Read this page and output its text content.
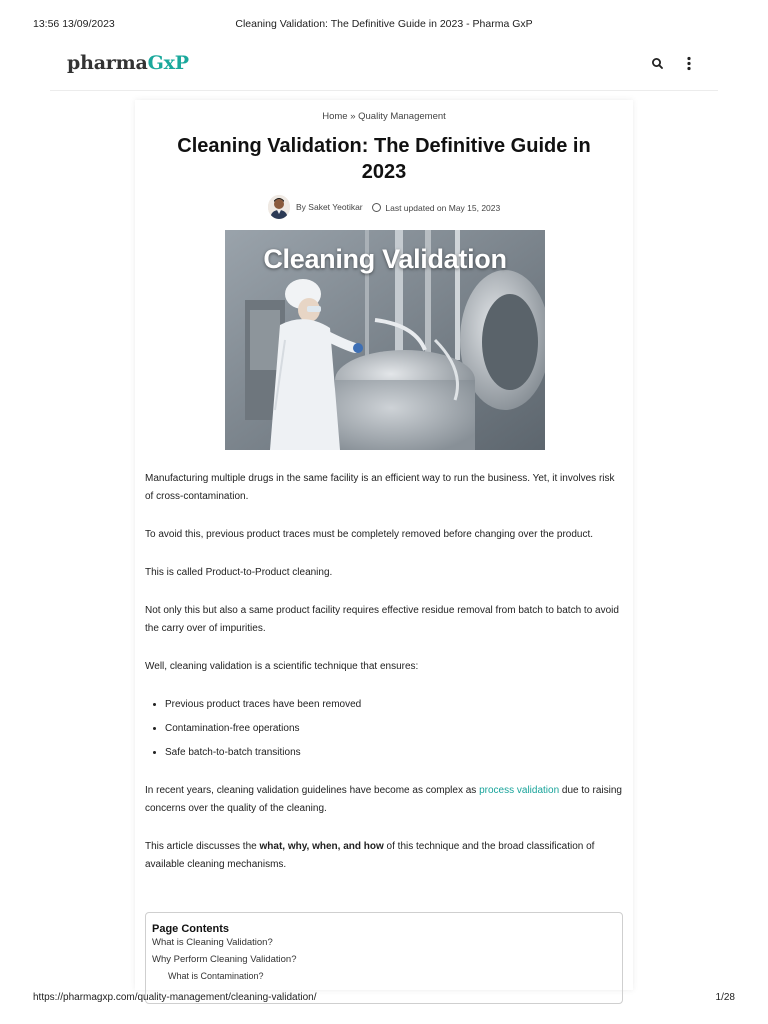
13:56 13/09/2023	Cleaning Validation: The Definitive Guide in 2023 - Pharma GxP
pharmaGxP
Home » Quality Management
Cleaning Validation: The Definitive Guide in 2023
By Saket Yeotikar	Last updated on May 15, 2023
Cleaning Validation

Manufacturing multiple drugs in the same facility is an efficient way to run the business. Yet, it involves risk of cross-contamination.

To avoid this, previous product traces must be completely removed before changing over the product.

This is called Product-to-Product cleaning.

Not only this but also a same product facility requires effective residue removal from batch to batch to avoid the carry over of impurities.

Well, cleaning validation is a scientific technique that ensures:

• Previous product traces have been removed
• Contamination-free operations
• Safe batch-to-batch transitions

In recent years, cleaning validation guidelines have become as complex as process validation due to raising concerns over the quality of the cleaning.

This article discusses the what, why, when, and how of this technique and the broad classification of available cleaning mechanisms.

Page Contents
What is Cleaning Validation?
Why Perform Cleaning Validation?
What is Contamination?
https://pharmagxp.com/quality-management/cleaning-validation/	1/28
